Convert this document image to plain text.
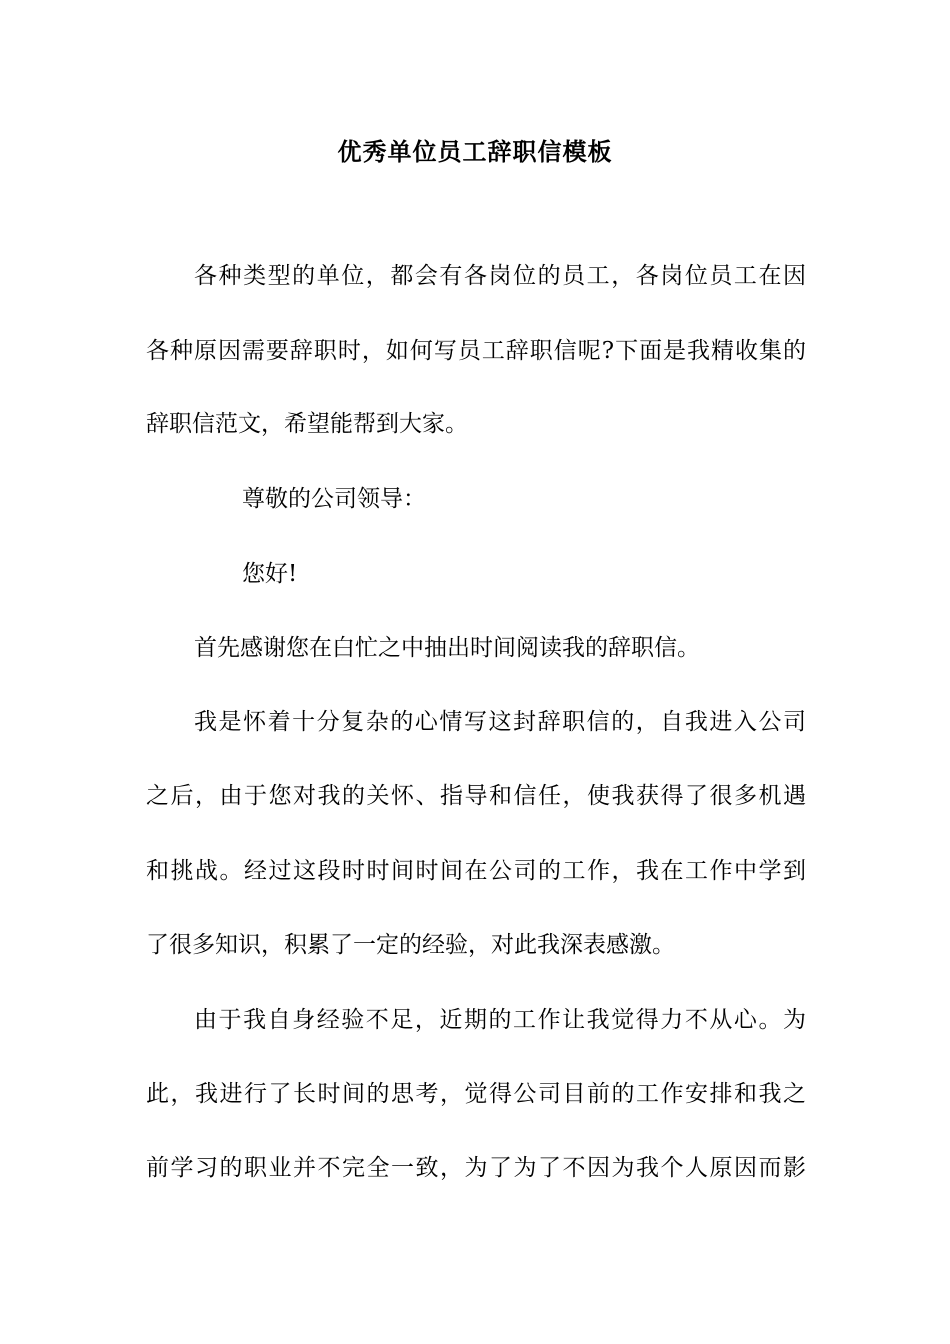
优秀单位员工辞职信模板
各种类型的单位，都会有各岗位的员工，各岗位员工在因
各种原因需要辞职时，如何写员工辞职信呢?下面是我精收集的
辞职信范文，希望能帮到大家。
尊敬的公司领导：
您好!
首先感谢您在白忙之中抽出时间阅读我的辞职信。
我是怀着十分复杂的心情写这封辞职信的，自我进入公司
之后，由于您对我的关怀、指导和信任，使我获得了很多机遇
和挑战。经过这段时时间时间在公司的工作，我在工作中学到
了很多知识，积累了一定的经验，对此我深表感激。
由于我自身经验不足，近期的工作让我觉得力不从心。为
此，我进行了长时间的思考，觉得公司目前的工作安排和我之
前学习的职业并不完全一致，为了为了不因为我个人原因而影
